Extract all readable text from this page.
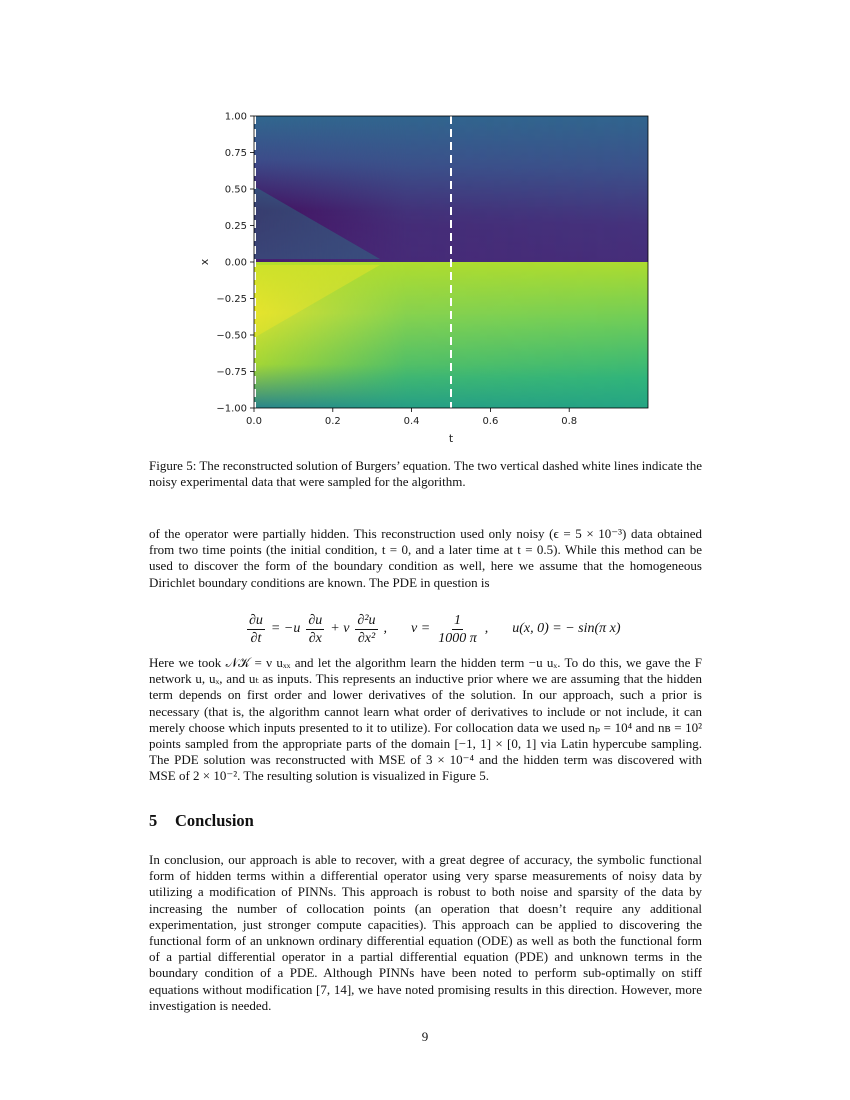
1.00
0.75
0.50
0.25
0.00
−0.25
−0.50
−0.75
−1.00
0.0	0.2	0.4	0.6	0.8
t
x
Figure 5: The reconstructed solution of Burgers’ equation. The two vertical dashed white lines indicate the noisy experimental data that were sampled for the algorithm.
of the operator were partially hidden. This reconstruction used only noisy (ϵ = 5 × 10⁻³) data obtained from two time points (the initial condition, t = 0, and a later time at t = 0.5). While this method can be used to discover the form of the boundary condition as well, here we assume that the homogeneous Dirichlet boundary conditions are known. The PDE in question is
$\frac{\partial u}{\partial t} = -u \frac{\partial u}{\partial x} + \nu \frac{\text{∂²u}}{\text{∂x²}}$ , $\nu = \frac{1}{1000 \pi}$ , u(x, 0) = − sin(π x)
Here we took 𝒩𝒦 = ν uₓₓ and let the algorithm learn the hidden term −u uₓ. To do this, we gave the F network u, uₓ, and uₜ as inputs. This represents an inductive prior where we are assuming that the hidden term depends on first order and lower derivatives of the solution. In our approach, such a prior is necessary (that is, the algorithm cannot learn what order of derivatives to include or not include, it can merely choose which inputs presented to it to utilize). For collocation data we used nₚ = 10⁴ and nʙ = 10² points sampled from the appropriate parts of the domain [−1, 1] × [0, 1] via Latin hypercube sampling. The PDE solution was reconstructed with MSE of 3 × 10⁻⁴ and the hidden term was discovered with MSE of 2 × 10⁻². The resulting solution is visualized in Figure 5.
5 Conclusion
In conclusion, our approach is able to recover, with a great degree of accuracy, the symbolic functional form of hidden terms within a differential operator using very sparse measurements of noisy data by utilizing a modification of PINNs. This approach is robust to both noise and sparsity of the data by increasing the number of collocation points (an operation that doesn’t require any additional experimentation, just stronger compute capacities). This approach can be applied to discovering the functional form of an unknown ordinary differential equation (ODE) as well as both the functional form of a partial differential operator in a partial differential equation (PDE) and unknown terms in the boundary condition of a PDE. Although PINNs have been noted to perform sub-optimally on stiff equations without modification [7, 14], we have noted promising results in this direction. However, more investigation is needed.
9
